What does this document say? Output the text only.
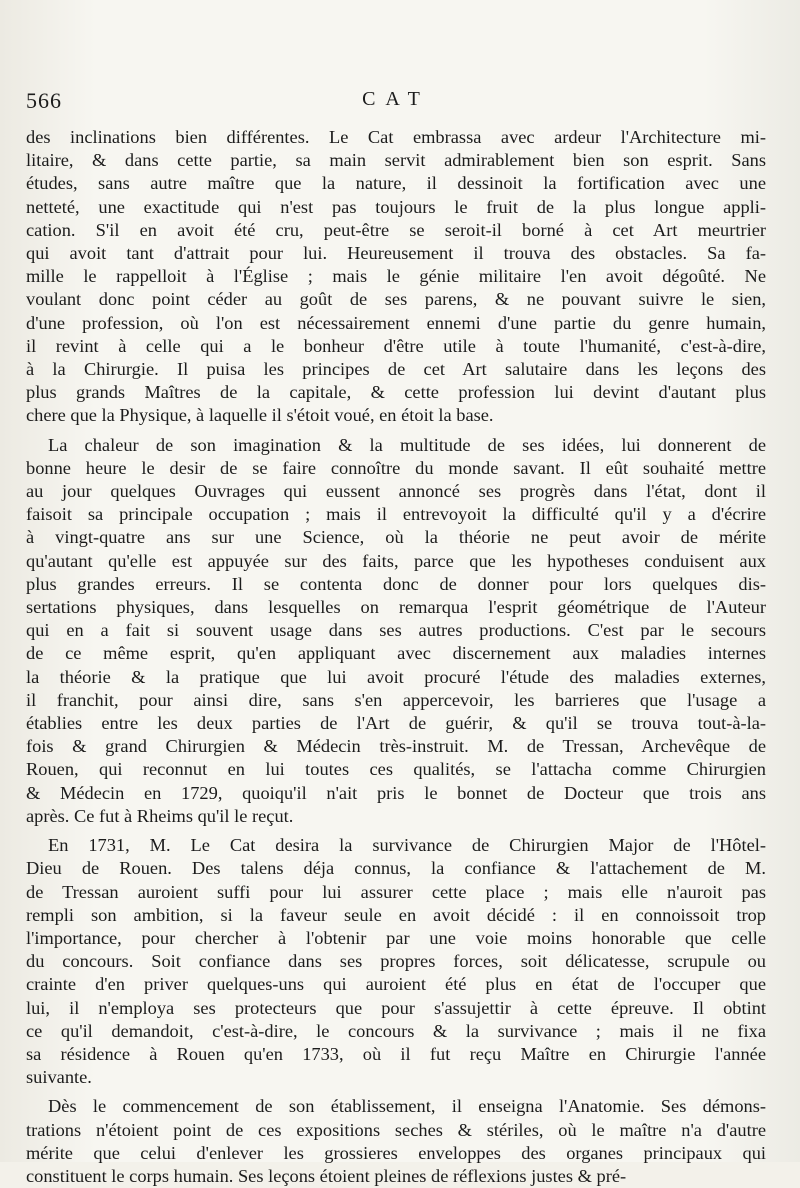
566	CAT
des inclinations bien différentes. Le Cat embrassa avec ardeur l'Architecture mi-
litaire, & dans cette partie, sa main servit admirablement bien son esprit. Sans
études, sans autre maître que la nature, il dessinoit la fortification avec une
netteté, une exactitude qui n'est pas toujours le fruit de la plus longue appli-
cation. S'il en avoit été cru, peut-être se seroit-il borné à cet Art meurtrier
qui avoit tant d'attrait pour lui. Heureusement il trouva des obstacles. Sa fa-
mille le rappelloit à l'Église ; mais le génie militaire l'en avoit dégoûté. Ne
voulant donc point céder au goût de ses parens, & ne pouvant suivre le sien,
d'une profession, où l'on est nécessairement ennemi d'une partie du genre humain,
il revint à celle qui a le bonheur d'être utile à toute l'humanité, c'est-à-dire,
à la Chirurgie. Il puisa les principes de cet Art salutaire dans les leçons des
plus grands Maîtres de la capitale, & cette profession lui devint d'autant plus
chere que la Physique, à laquelle il s'étoit voué, en étoit la base.
La chaleur de son imagination & la multitude de ses idées, lui donnerent de
bonne heure le desir de se faire connoître du monde savant. Il eût souhaité mettre
au jour quelques Ouvrages qui eussent annoncé ses progrès dans l'état, dont il
faisoit sa principale occupation ; mais il entrevoyoit la difficulté qu'il y a d'écrire
à vingt-quatre ans sur une Science, où la théorie ne peut avoir de mérite
qu'autant qu'elle est appuyée sur des faits, parce que les hypotheses conduisent aux
plus grandes erreurs. Il se contenta donc de donner pour lors quelques dis-
sertations physiques, dans lesquelles on remarqua l'esprit géométrique de l'Auteur
qui en a fait si souvent usage dans ses autres productions. C'est par le secours
de ce même esprit, qu'en appliquant avec discernement aux maladies internes
la théorie & la pratique que lui avoit procuré l'étude des maladies externes,
il franchit, pour ainsi dire, sans s'en appercevoir, les barrieres que l'usage a
établies entre les deux parties de l'Art de guérir, & qu'il se trouva tout-à-la-
fois & grand Chirurgien & Médecin très-instruit. M. de Tressan, Archevêque de
Rouen, qui reconnut en lui toutes ces qualités, se l'attacha comme Chirurgien
& Médecin en 1729, quoiqu'il n'ait pris le bonnet de Docteur que trois ans
après. Ce fut à Rheims qu'il le reçut.
En 1731, M. Le Cat desira la survivance de Chirurgien Major de l'Hôtel-
Dieu de Rouen. Des talens déja connus, la confiance & l'attachement de M.
de Tressan auroient suffi pour lui assurer cette place ; mais elle n'auroit pas
rempli son ambition, si la faveur seule en avoit décidé : il en connoissoit trop
l'importance, pour chercher à l'obtenir par une voie moins honorable que celle
du concours. Soit confiance dans ses propres forces, soit délicatesse, scrupule ou
crainte d'en priver quelques-uns qui auroient été plus en état de l'occuper que
lui, il n'employa ses protecteurs que pour s'assujettir à cette épreuve. Il obtint
ce qu'il demandoit, c'est-à-dire, le concours & la survivance ; mais il ne fixa
sa résidence à Rouen qu'en 1733, où il fut reçu Maître en Chirurgie l'année
suivante.
Dès le commencement de son établissement, il enseigna l'Anatomie. Ses démons-
trations n'étoient point de ces expositions seches & stériles, où le maître n'a d'autre
mérite que celui d'enlever les grossieres enveloppes des organes principaux qui
constituent le corps humain. Ses leçons étoient pleines de réflexions justes & pré-
